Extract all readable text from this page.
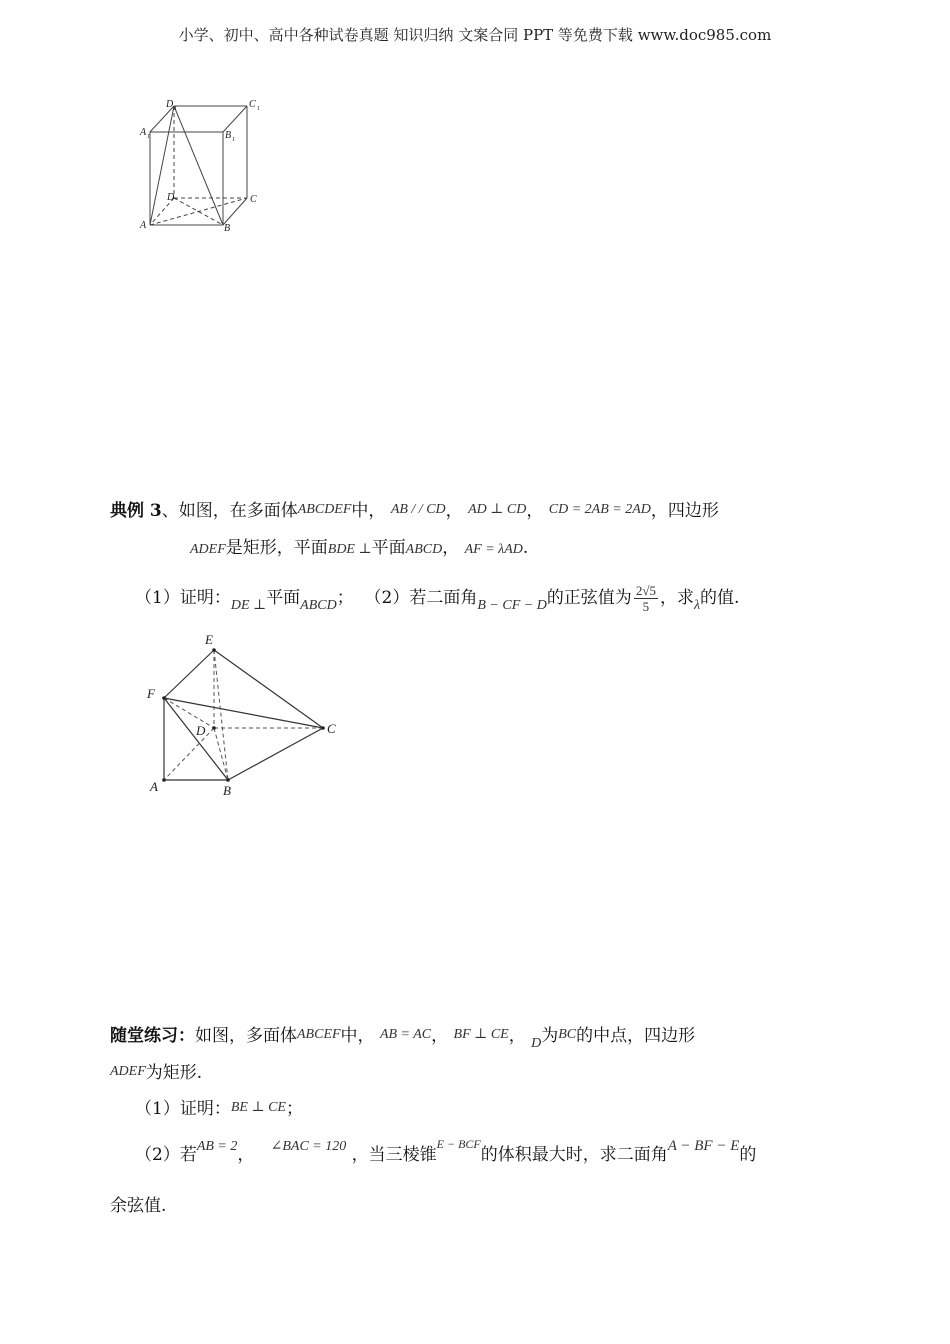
小学、初中、高中各种试卷真题 知识归纳 文案合同 PPT 等免费下载 www.doc985.com
D 1	C 1
A 1	B 1
D	C
A	B
典例 3、如图，在多面体ABCDEF中， AB / / CD， AD ⊥ CD， CD = 2AB = 2AD，四边形
ADEF是矩形，平面BDE ⊥平面ABCD， AF = λAD.
（1）证明：$_{DE \perp}$平面$_{ABCD}$； （2）若二面角$_{B - CF - D}$的正弦值为 $\frac{2√5}{5}$ ，求$_\lambda$的值.
E
F
D	C
A	B
随堂练习：如图，多面体ABCEF中， AB = AC， BF ⊥ CE， $_D$为BC的中点，四边形
ADEF为矩形.
（1）证明：BE ⊥ CE；
（2）若$^{AB = 2}$， $^{\angle BAC = 120}$ ，当三棱锥$^{E - BCF}$的体积最大时，求二面角A − BF − E的
余弦值.
